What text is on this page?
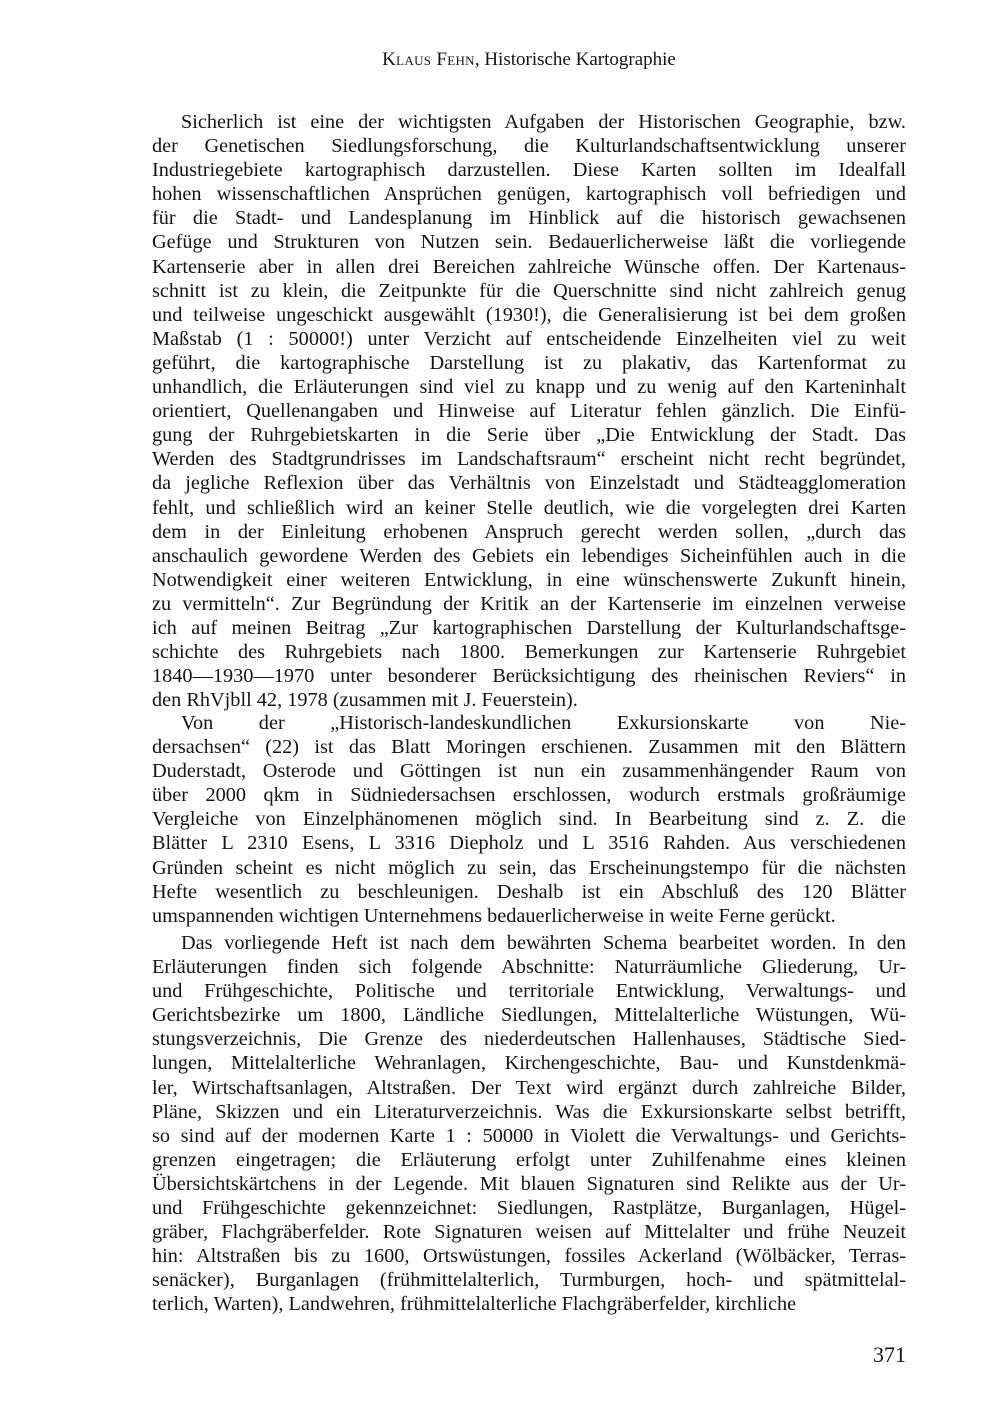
Klaus Fehn, Historische Kartographie
Sicherlich ist eine der wichtigsten Aufgaben der Historischen Geographie, bzw.
der Genetischen Siedlungsforschung, die Kulturlandschaftsentwicklung unserer
Industriegebiete kartographisch darzustellen. Diese Karten sollten im Idealfall
hohen wissenschaftlichen Ansprüchen genügen, kartographisch voll befriedigen und
für die Stadt- und Landesplanung im Hinblick auf die historisch gewachsenen
Gefüge und Strukturen von Nutzen sein. Bedauerlicherweise läßt die vorliegende
Kartenserie aber in allen drei Bereichen zahlreiche Wünsche offen. Der Kartenaus-
schnitt ist zu klein, die Zeitpunkte für die Querschnitte sind nicht zahlreich genug
und teilweise ungeschickt ausgewählt (1930!), die Generalisierung ist bei dem großen
Maßstab (1 : 50000!) unter Verzicht auf entscheidende Einzelheiten viel zu weit
geführt, die kartographische Darstellung ist zu plakativ, das Kartenformat zu
unhandlich, die Erläuterungen sind viel zu knapp und zu wenig auf den Karteninhalt
orientiert, Quellenangaben und Hinweise auf Literatur fehlen gänzlich. Die Einfü-
gung der Ruhrgebietskarten in die Serie über „Die Entwicklung der Stadt. Das
Werden des Stadtgrundrisses im Landschaftsraum“ erscheint nicht recht begründet,
da jegliche Reflexion über das Verhältnis von Einzelstadt und Städteagglomeration
fehlt, und schließlich wird an keiner Stelle deutlich, wie die vorgelegten drei Karten
dem in der Einleitung erhobenen Anspruch gerecht werden sollen, „durch das
anschaulich gewordene Werden des Gebiets ein lebendiges Sicheinfühlen auch in die
Notwendigkeit einer weiteren Entwicklung, in eine wünschenswerte Zukunft hinein,
zu vermitteln“. Zur Begründung der Kritik an der Kartenserie im einzelnen verweise
ich auf meinen Beitrag „Zur kartographischen Darstellung der Kulturlandschaftsge-
schichte des Ruhrgebiets nach 1800. Bemerkungen zur Kartenserie Ruhrgebiet
1840—1930—1970 unter besonderer Berücksichtigung des rheinischen Reviers“ in
den RhVjbll 42, 1978 (zusammen mit J. Feuerstein).
Von der „Historisch-landeskundlichen Exkursionskarte von Nie-
dersachsen“ (22) ist das Blatt Moringen erschienen. Zusammen mit den Blättern
Duderstadt, Osterode und Göttingen ist nun ein zusammenhängender Raum von
über 2000 qkm in Südniedersachsen erschlossen, wodurch erstmals großräumige
Vergleiche von Einzelphänomenen möglich sind. In Bearbeitung sind z. Z. die
Blätter L 2310 Esens, L 3316 Diepholz und L 3516 Rahden. Aus verschiedenen
Gründen scheint es nicht möglich zu sein, das Erscheinungstempo für die nächsten
Hefte wesentlich zu beschleunigen. Deshalb ist ein Abschluß des 120 Blätter
umspannenden wichtigen Unternehmens bedauerlicherweise in weite Ferne gerückt.
Das vorliegende Heft ist nach dem bewährten Schema bearbeitet worden. In den
Erläuterungen finden sich folgende Abschnitte: Naturräumliche Gliederung, Ur-
und Frühgeschichte, Politische und territoriale Entwicklung, Verwaltungs- und
Gerichtsbezirke um 1800, Ländliche Siedlungen, Mittelalterliche Wüstungen, Wü-
stungsverzeichnis, Die Grenze des niederdeutschen Hallenhauses, Städtische Sied-
lungen, Mittelalterliche Wehranlagen, Kirchengeschichte, Bau- und Kunstdenkmä-
ler, Wirtschaftsanlagen, Altstraßen. Der Text wird ergänzt durch zahlreiche Bilder,
Pläne, Skizzen und ein Literaturverzeichnis. Was die Exkursionskarte selbst betrifft,
so sind auf der modernen Karte 1 : 50000 in Violett die Verwaltungs- und Gerichts-
grenzen eingetragen; die Erläuterung erfolgt unter Zuhilfenahme eines kleinen
Übersichtskärtchens in der Legende. Mit blauen Signaturen sind Relikte aus der Ur-
und Frühgeschichte gekennzeichnet: Siedlungen, Rastplätze, Burganlagen, Hügel-
gräber, Flachgräberfelder. Rote Signaturen weisen auf Mittelalter und frühe Neuzeit
hin: Altstraßen bis zu 1600, Ortswüstungen, fossiles Ackerland (Wölbäcker, Terras-
senäcker), Burganlagen (frühmittelalterlich, Turmburgen, hoch- und spätmittelal-
terlich, Warten), Landwehren, frühmittelalterliche Flachgräberfelder, kirchliche
371
